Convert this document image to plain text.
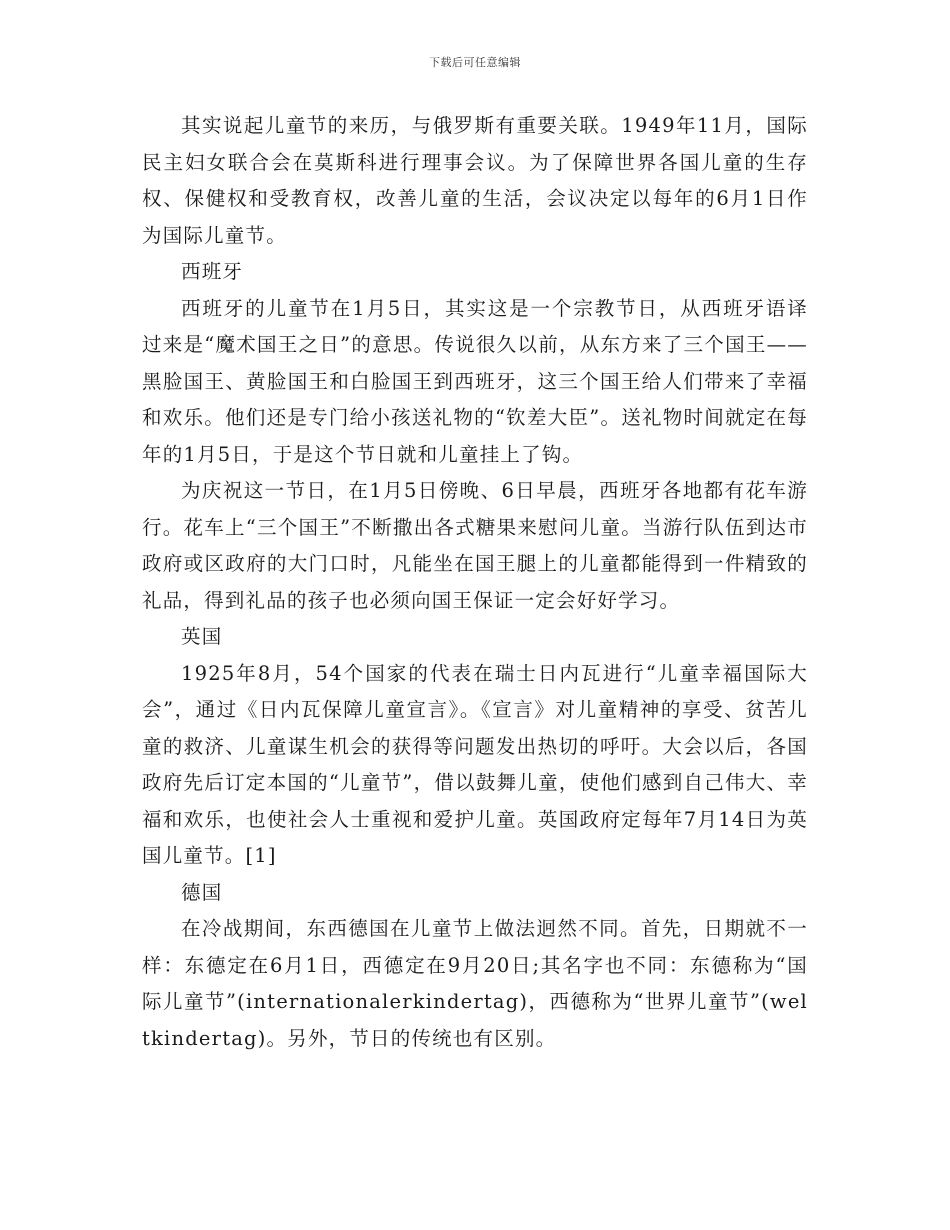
下载后可任意编辑

其实说起儿童节的来历，与俄罗斯有重要关联。1949年11月，国际民主妇女联合会在莫斯科进行理事会议。为了保障世界各国儿童的生存权、保健权和受教育权，改善儿童的生活，会议决定以每年的6月1日作为国际儿童节。

西班牙

西班牙的儿童节在1月5日，其实这是一个宗教节日，从西班牙语译过来是“魔术国王之日”的意思。传说很久以前，从东方来了三个国王——黑脸国王、黄脸国王和白脸国王到西班牙，这三个国王给人们带来了幸福和欢乐。他们还是专门给小孩送礼物的“钦差大臣”。送礼物时间就定在每年的1月5日，于是这个节日就和儿童挂上了钩。

为庆祝这一节日，在1月5日傍晚、6日早晨，西班牙各地都有花车游行。花车上“三个国王”不断撒出各式糖果来慰问儿童。当游行队伍到达市政府或区政府的大门口时，凡能坐在国王腿上的儿童都能得到一件精致的礼品，得到礼品的孩子也必须向国王保证一定会好好学习。

英国

1925年8月，54个国家的代表在瑞士日内瓦进行“儿童幸福国际大会”，通过《日内瓦保障儿童宣言》。《宣言》对儿童精神的享受、贫苦儿童的救济、儿童谋生机会的获得等问题发出热切的呼吁。大会以后，各国政府先后订定本国的“儿童节”，借以鼓舞儿童，使他们感到自己伟大、幸福和欢乐，也使社会人士重视和爱护儿童。英国政府定每年7月14日为英国儿童节。[1]

德国

在冷战期间，东西德国在儿童节上做法迥然不同。首先，日期就不一样：东德定在6月1日，西德定在9月20日;其名字也不同：东德称为“国际儿童节”(internationalerkindertag)，西德称为“世界儿童节”(weltkindertag)。另外，节日的传统也有区别。
